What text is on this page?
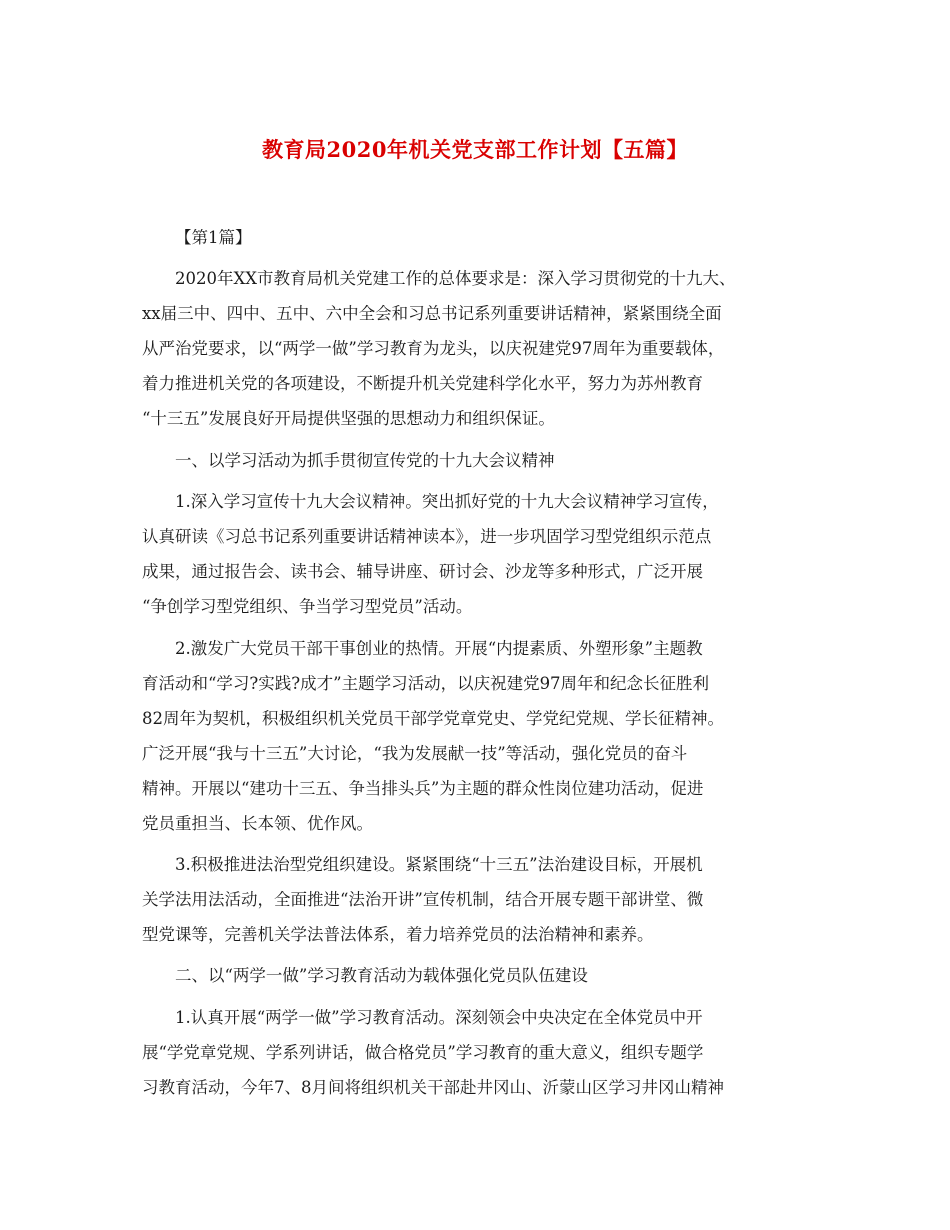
教育局2020年机关党支部工作计划【五篇】
【第1篇】
2020年XX市教育局机关党建工作的总体要求是：深入学习贯彻党的十九大、
xx届三中、四中、五中、六中全会和习总书记系列重要讲话精神，紧紧围绕全面
从严治党要求，以“两学一做”学习教育为龙头，以庆祝建党97周年为重要载体，
着力推进机关党的各项建设，不断提升机关党建科学化水平，努力为苏州教育
“十三五”发展良好开局提供坚强的思想动力和组织保证。
一、以学习活动为抓手贯彻宣传党的十九大会议精神
1.深入学习宣传十九大会议精神。突出抓好党的十九大会议精神学习宣传，
认真研读《习总书记系列重要讲话精神读本》，进一步巩固学习型党组织示范点
成果，通过报告会、读书会、辅导讲座、研讨会、沙龙等多种形式，广泛开展
“争创学习型党组织、争当学习型党员”活动。
2.激发广大党员干部干事创业的热情。开展“内提素质、外塑形象”主题教
育活动和“学习?实践?成才”主题学习活动，以庆祝建党97周年和纪念长征胜利
82周年为契机，积极组织机关党员干部学党章党史、学党纪党规、学长征精神。
广泛开展“我与十三五”大讨论，“我为发展献一技”等活动，强化党员的奋斗
精神。开展以“建功十三五、争当排头兵”为主题的群众性岗位建功活动，促进
党员重担当、长本领、优作风。
3.积极推进法治型党组织建设。紧紧围绕“十三五”法治建设目标，开展机
关学法用法活动，全面推进“法治开讲”宣传机制，结合开展专题干部讲堂、微
型党课等，完善机关学法普法体系，着力培养党员的法治精神和素养。
二、以“两学一做”学习教育活动为载体强化党员队伍建设
1.认真开展“两学一做”学习教育活动。深刻领会中央决定在全体党员中开
展“学党章党规、学系列讲话，做合格党员”学习教育的重大意义，组织专题学
习教育活动，今年7、8月间将组织机关干部赴井冈山、沂蒙山区学习井冈山精神
